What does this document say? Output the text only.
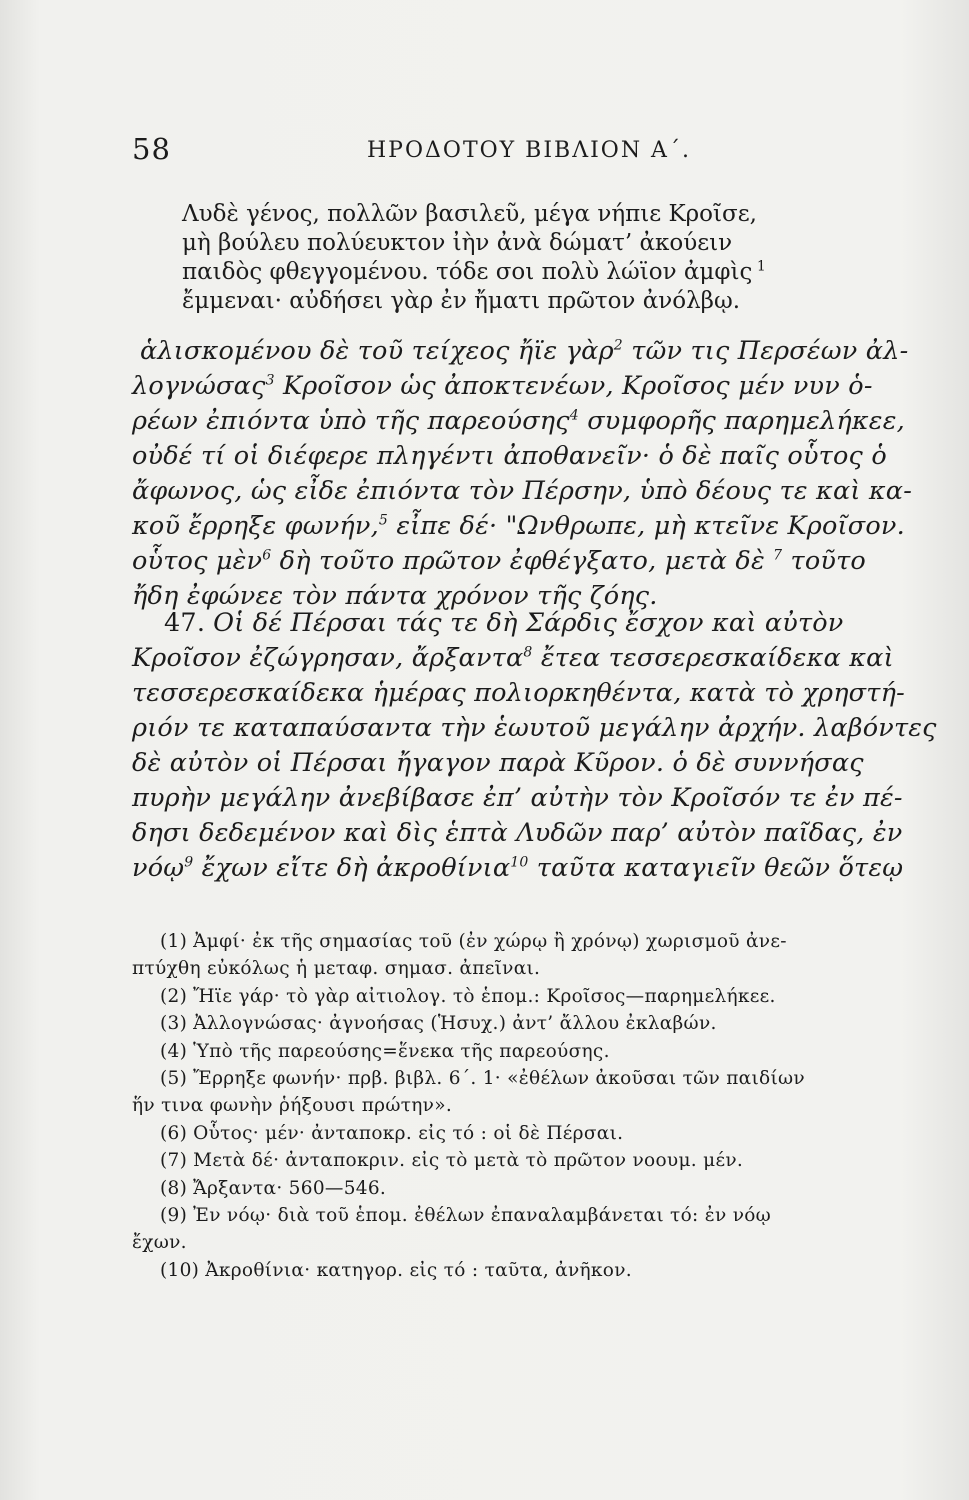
58	ΗΡΟΔΟΤΟΥ ΒΙΒΛΙΟΝ Α΄.
Λυδὲ γένος, πολλῶν βασιλεῦ, μέγα νήπιε Κροῖσε,
μὴ βούλευ πολύευκτον ἰὴν ἀνὰ δώματ’ ἀκούειν
παιδὸς φθεγγομένου. τόδε σοι πολὺ λώϊον ἀμφὶς $^1$
ἔμμεναι· αὐδήσει γὰρ ἐν ἤματι πρῶτον ἀνόλβῳ.
ἁλισκομένου δὲ τοῦ τείχεος ἤϊε γὰρ$^2$ τῶν τις Περσέων ἀλ-
λογνώσας$^3$ Κροῖσον ὡς ἀποκτενέων, Κροῖσος μέν νυν ὁ-
ρέων ἐπιόντα ὑπὸ τῆς παρεούσης$^4$ συμφορῆς παρημελήκεε,
οὐδέ τί οἱ διέφερε πληγέντι ἀποθανεῖν· ὁ δὲ παῖς οὗτος ὁ
ἄφωνος, ὡς εἶδε ἐπιόντα τὸν Πέρσην, ὑπὸ δέους τε καὶ κα-
κοῦ ἔρρηξε φωνήν,$^5$ εἶπε δέ· "Ωνθρωπε, μὴ κτεῖνε Κροῖσον.
οὗτος μὲν$^6$ δὴ τοῦτο πρῶτον ἐφθέγξατο, μετὰ δὲ $^7$ τοῦτο
ἤδη ἐφώνεε τὸν πάντα χρόνον τῆς ζόης.
47. Οἱ δέ Πέρσαι τάς τε δὴ Σάρδις ἔσχον καὶ αὐτὸν
Κροῖσον ἐζώγρησαν, ἄρξαντα$^8$ ἔτεα τεσσερεσκαίδεκα καὶ
τεσσερεσκαίδεκα ἡμέρας πολιορκηθέντα, κατὰ τὸ χρηστή-
ριόν τε καταπαύσαντα τὴν ἑωυτοῦ μεγάλην ἀρχήν. λαβόντες
δὲ αὐτὸν οἱ Πέρσαι ἤγαγον παρὰ Κῦρον. ὁ δὲ συννήσας
πυρὴν μεγάλην ἀνεβίβασε ἐπ’ αὐτὴν τὸν Κροῖσόν τε ἐν πέ-
δησι δεδεμένον καὶ δὶς ἑπτὰ Λυδῶν παρ’ αὐτὸν παῖδας, ἐν
νόῳ$^9$ ἔχων εἴτε δὴ ἀκροθίνια$^{10}$ ταῦτα καταγιεῖν θεῶν ὅτεῳ
(1) Ἀμφί· ἐκ τῆς σημασίας τοῦ (ἐν χώρῳ ἢ χρόνῳ) χωρισμοῦ ἀνε-
πτύχθη εὐκόλως ἡ μεταφ. σημασ. ἀπεῖναι.
(2) Ἤϊε γάρ· τὸ γὰρ αἰτιολογ. τὸ ἑπομ.: Κροῖσος—παρημελήκεε.
(3) Ἀλλογνώσας· ἀγνοήσας (Ἡσυχ.) ἀντ’ ἄλλου ἐκλαβών.
(4) Ὑπὸ τῆς παρεούσης=ἕνεκα τῆς παρεούσης.
(5) Ἔρρηξε φωνήν· πρβ. βιβλ. 6΄. 1· «ἐθέλων ἀκοῦσαι τῶν παιδίων
ἥν τινα φωνὴν ῥήξουσι πρώτην».
(6) Οὗτος· μέν· ἀνταποκρ. εἰς τό : οἱ δὲ Πέρσαι.
(7) Μετὰ δέ· ἀνταποκριν. εἰς τὸ μετὰ τὸ πρῶτον νοουμ. μέν.
(8) Ἄρξαντα· 560—546.
(9) Ἐν νόῳ· διὰ τοῦ ἑπομ. ἐθέλων ἐπαναλαμβάνεται τό: ἐν νόῳ
ἔχων.
(10) Ἀκροθίνια· κατηγορ. εἰς τό : ταῦτα, ἀνῆκον.
